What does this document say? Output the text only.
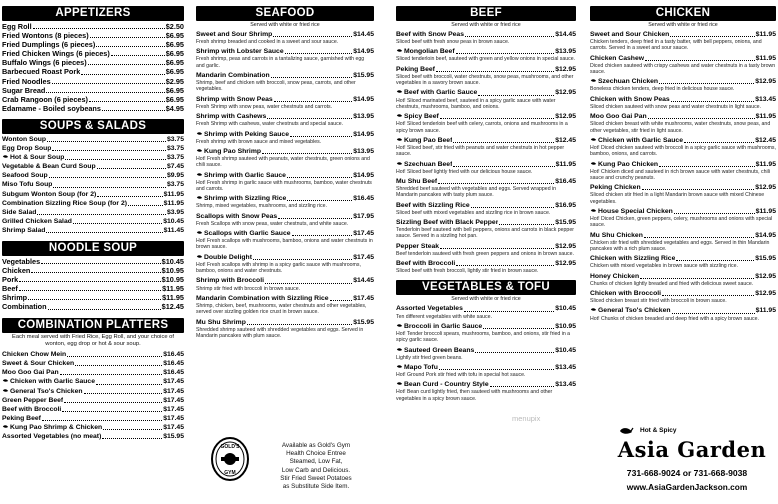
APPETIZERS
Egg Roll	$2.50
Fried Wontons (8 pieces)	$6.95
Fried Dumplings (6 pieces)	$6.95
Fried Chicken Wings (6 pieces)	$6.95
Buffalo Wings (6 pieces)	$6.95
Barbecued Roast Pork	$6.95
Fried Noodles	$2.95
Sugar Bread	$6.95
Crab Rangoon (6 pieces)	$6.95
Edamame - Boiled soybeans	$4.95
SOUPS & SALADS
Wonton Soup	$3.75
Egg Drop Soup	$3.75
Hot & Sour Soup	$3.75
Vegetable & Bean Curd Soup	$7.45
Seafood Soup	$9.95
Miso Tofu Soup	$3.75
Subgum Wonton Soup (for 2)	$11.95
Combination Sizzling Rice Soup (for 2)	$11.95
Side Salad	$3.95
Grilled Chicken Salad	$10.45
Shrimp Salad	$11.45
NOODLE SOUP
Vegetables	$10.45
Chicken	$10.95
Pork	$10.95
Beef	$11.95
Shrimp	$11.95
Combination	$12.45
COMBINATION PLATTERS
Each meal served with Fried Rice, Egg Roll, and your choice of wonton, egg drop or hot & sour soup.
Chicken Chow Mein	$16.45
Sweet & Sour Chicken	$16.45
Moo Goo Gai Pan	$16.45
Chicken with Garlic Sauce	$17.45
General Tso's Chicken	$17.45
Green Pepper Beef	$17.45
Beef with Broccoli	$17.45
Peking Beef	$17.45
Kung Pao Shrimp & Chicken	$17.45
Assorted Vegetables (no meat)	$15.95
SEAFOOD
Served with white or fried rice
Sweet and Sour Shrimp	$14.45
Fresh shrimp breaded and cooked in a sweet and sour sauce.
Shrimp with Lobster Sauce	$14.95
Fresh shrimp, peas and carrots in a tantalizing sauce, garnished with egg and garlic.
Mandarin Combination	$15.95
Shrimp, beef and chicken with broccoli, snow peas, carrots, and other vegetables.
Shrimp with Snow Peas	$14.95
Fresh Shrimp with snow peas, water chestnuts and carrots.
Shrimp with Cashews	$13.95
Fresh Shrimp with cashews, water chestnuts and special sauce.
Shrimp with Peking Sauce	$14.95
Fresh shrimp with brown sauce and mixed vegetables.
Kung Pao Shrimp	$13.95
Hot! Fresh shrimp sauteed with peanuts, water chestnuts, green onions and chili sauce.
Shrimp with Garlic Sauce	$14.95
Hot! Fresh shrimp in garlic sauce with mushrooms, bamboo, water chestnuts and carrots.
Shrimp with Sizzling Rice	$16.45
Shrimp, mixed vegetables, mushrooms, and sizzling rice.
Scallops with Snow Peas	$17.95
Fresh Scallops with snow peas, water chestnuts, and white sauce.
Scallops with Garlic Sauce	$17.45
Hot! Fresh scallops with mushrooms, bamboo, onions and water chestnuts in brown sauce.
Double Delight	$17.45
Hot! Fresh scallops with shrimp in a spicy garlic sauce with mushrooms, bamboo, onions and water chestnuts.
Shrimp with Broccoli	$14.45
Shrimp stir fried with broccoli in brown sauce.
Mandarin Combination with Sizzling Rice	$17.45
Shrimp, chicken, beef, mushrooms, water chestnuts and other vegetables, served over sizzling golden rice crust in brown sauce.
Mu Shu Shrimp	$15.95
Shredded shrimp sauteed with shredded vegetables and eggs. Served in Mandarin pancakes with plum sauce.
GOLD'S
GYM
Available as Gold's Gym
Health Choice Entree
Steamed, Low Fat,
Low Carb and Delicious.
Stir Fried Sweet Potatoes
as Substitute Side Item.
BEEF
Served with white or fried rice
Beef with Snow Peas	$14.45
Sliced beef with fresh snow peas in brown sauce.
Mongolian Beef	$13.95
Sliced tenderloin beef, sauteed with green and yellow onions in special sauce.
Peking Beef	$12.95
Sliced beef with broccoli, water chestnuts, snow peas, mushrooms, and other vegetables in a savory brown sauce.
Beef with Garlic Sauce	$12.95
Hot! Sliced marinated beef, sauteed in a spicy garlic sauce with water chestnuts, mushrooms, bamboo, and onions.
Spicy Beef	$12.95
Hot! Sliced tenderloin beef with celery, carrots, onions and mushrooms in a spicy brown sauce.
Kung Pao Beef	$12.45
Hot! Sliced beef, stir fried with peanuts and water chestnuts in hot pepper sauce.
Szechuan Beef	$11.95
Hot! Sliced beef lightly fried with our delicious house sauce.
Mu Shu Beef	$16.45
Shredded beef sauteed with vegetables and eggs. Served wrapped in Mandarin pancakes with tasty plum sauce.
Beef with Sizzling Rice	$16.95
Sliced beef with mixed vegetables and sizzling rice in brown sauce.
Sizzling Beef with Black Pepper	$15.95
Tenderloin beef sauteed with bell peppers, onions and carrots in black pepper sauce. Served in a sizzling hot pan.
Pepper Steak	$12.95
Beef tenderloin sauteed with fresh green peppers and onions in brown sauce.
Beef with Broccoli	$12.95
Sliced beef with fresh broccoli, lightly stir fried in brown sauce.
VEGETABLES & TOFU
Served with white or fried rice
Assorted Vegetables	$10.45
Ten different vegetables with white sauce.
Broccoli in Garlic Sauce	$10.95
Hot! Tender broccoli spears, mushrooms, bamboo, and onions, stir fried in a spicy garlic sauce.
Sauteed Green Beans	$10.45
Lightly stir fried green beans.
Mapo Tofu	$13.45
Hot! Ground Pork stir fried with tofu in special hot sauce.
Bean Curd - Country Style	$13.45
Hot! Bean curd lightly fried, then sauteed with mushrooms and other vegetables in a spicy brown sauce.
CHICKEN
Served with white or fried rice
Sweet and Sour Chicken	$11.95
Chicken tenders, deep fried in a tasty batter, with bell peppers, onions, and carrots. Served in a sweet and sour sauce.
Chicken Cashew	$11.95
Diced chicken sauteed with crispy cashews and water chestnuts in a tasty brown sauce.
Szechuan Chicken	$12.95
Boneless chicken tenders, deep fried in delicious house sauce.
Chicken with Snow Peas	$13.45
Sliced chicken sauteed with snow peas and water chestnuts in light sauce.
Moo Goo Gai Pan	$11.95
Sliced chicken breast with white mushrooms, water chestnuts, snow peas, and other vegetables, stir fried in light sauce.
Chicken with Garlic Sauce	$12.45
Hot! Diced chicken sauteed with broccoli in a spicy garlic sauce with mushrooms, bamboo, onions, and carrots.
Kung Pao Chicken	$11.95
Hot! Chicken diced and sauteed in rich brown sauce with water chestnuts, chili sauce and crunchy peanuts.
Peking Chicken	$12.95
Sliced chicken stir fried in a light Mandarin brown sauce with mixed Chinese vegetables.
House Special Chicken	$11.95
Hot! Diced Chicken, green peppers, celery, mushrooms and onions with special sauce.
Mu Shu Chicken	$14.95
Chicken stir fried with shredded vegetables and eggs. Served in thin Mandarin pancakes with a rich plum sauce.
Chicken with Sizzling Rice	$15.95
Chicken with mixed vegetables in brown sauce with sizzling rice.
Honey Chicken	$12.95
Chunks of chicken lightly breaded and fried with delicious sweet sauce.
Chicken with Broccoli	$12.95
Sliced chicken breast stir fried with broccoli in brown sauce.
General Tso's Chicken	$11.95
Hot! Chunks of chicken breaded and deep fried with a spicy brown sauce.
menupix
Hot & Spicy
Asia Garden
731-668-9024 or 731-668-9038
www.AsiaGardenJackson.com
